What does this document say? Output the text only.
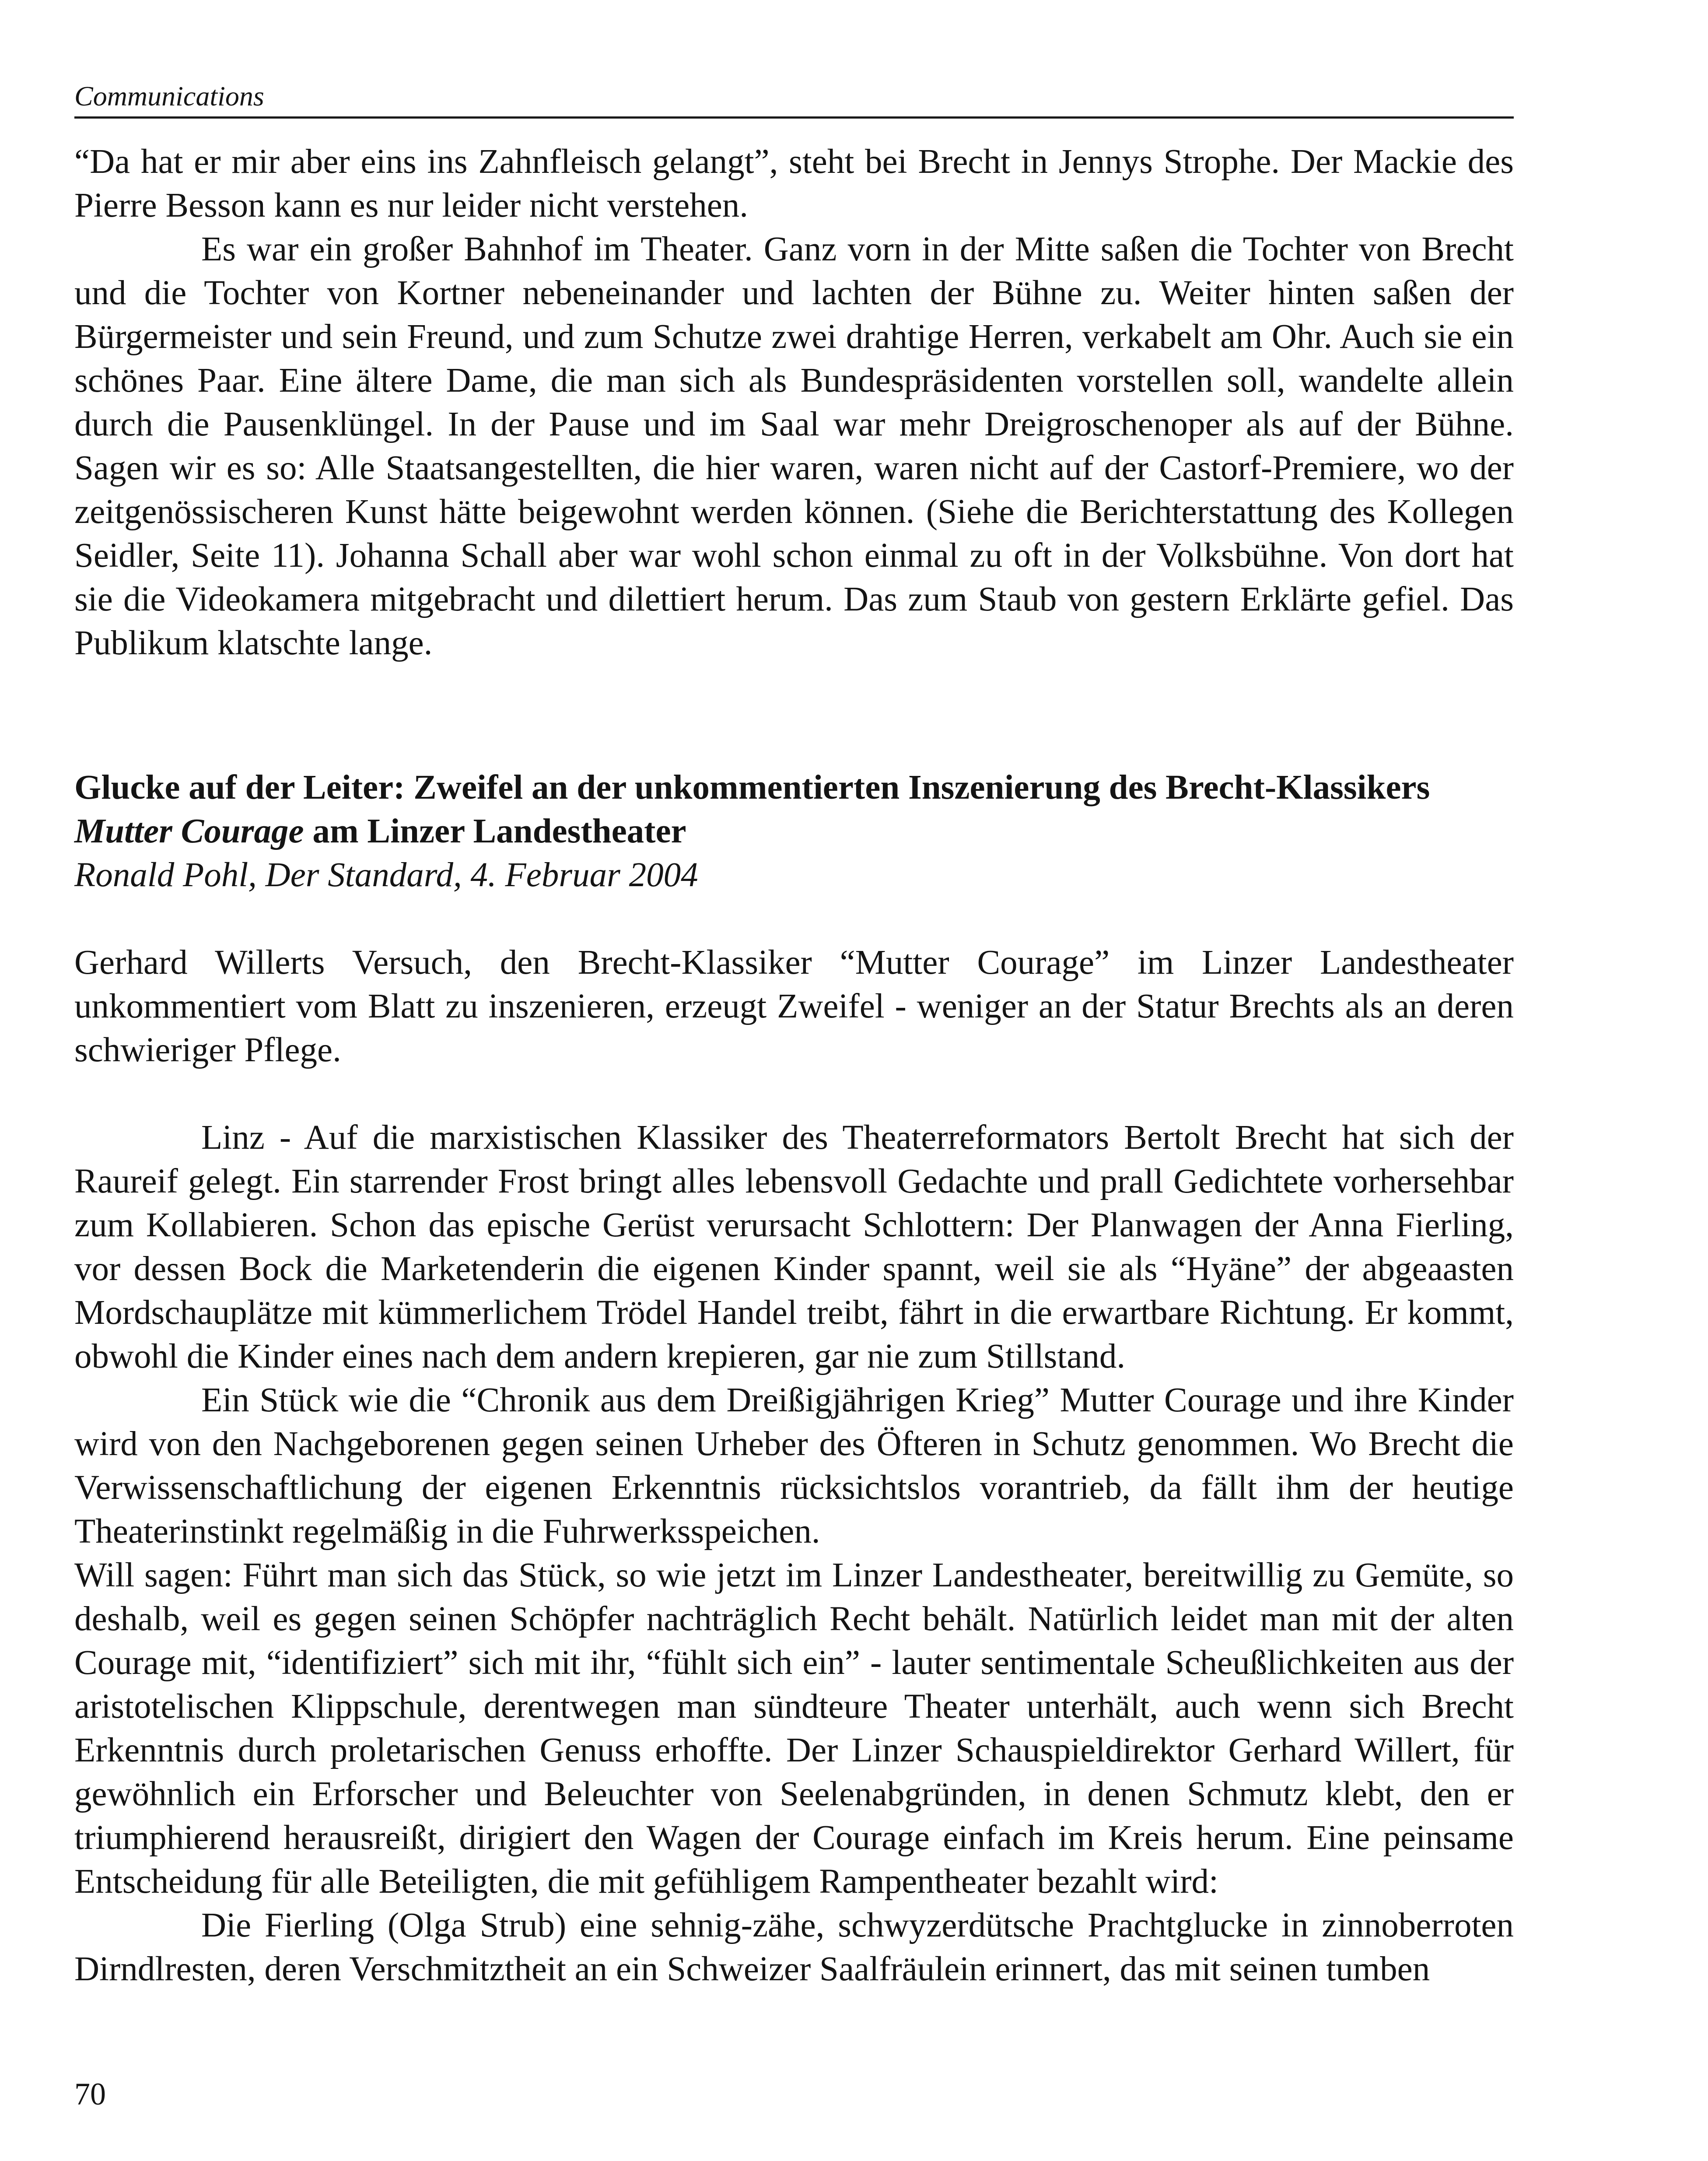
Communications

“Da hat er mir aber eins ins Zahnfleisch gelangt”, steht bei Brecht in Jennys Strophe. Der Mackie des Pierre Besson kann es nur leider nicht verstehen.

Es war ein großer Bahnhof im Theater. Ganz vorn in der Mitte saßen die Tochter von Brecht und die Tochter von Kortner nebeneinander und lachten der Bühne zu. Weiter hinten saßen der Bürgermeister und sein Freund, und zum Schutze zwei drahtige Herren, verkabelt am Ohr. Auch sie ein schönes Paar. Eine ältere Dame, die man sich als Bundespräsidenten vorstellen soll, wandelte allein durch die Pausenklüngel. In der Pause und im Saal war mehr Dreigroschenoper als auf der Bühne. Sagen wir es so: Alle Staatsangestellten, die hier waren, waren nicht auf der Castorf-Premiere, wo der zeitgenössischeren Kunst hätte beigewohnt werden können. (Siehe die Berichterstattung des Kollegen Seidler, Seite 11). Johanna Schall aber war wohl schon einmal zu oft in der Volksbühne. Von dort hat sie die Videokamera mitgebracht und dilettiert herum. Das zum Staub von gestern Erklärte gefiel. Das Publikum klatschte lange.

Glucke auf der Leiter: Zweifel an der unkommentierten Inszenierung des Brecht-Klassikers Mutter Courage am Linzer Landestheater

Ronald Pohl, Der Standard, 4. Februar 2004

Gerhard Willerts Versuch, den Brecht-Klassiker “Mutter Courage” im Linzer Landestheater unkommentiert vom Blatt zu inszenieren, erzeugt Zweifel - weniger an der Statur Brechts als an deren schwieriger Pflege.

Linz - Auf die marxistischen Klassiker des Theaterreformators Bertolt Brecht hat sich der Raureif gelegt. Ein starrender Frost bringt alles lebensvoll Gedachte und prall Gedichtete vorhersehbar zum Kollabieren. Schon das epische Gerüst verursacht Schlottern: Der Planwagen der Anna Fierling, vor dessen Bock die Marketenderin die eigenen Kinder spannt, weil sie als “Hyäne” der abgeaasten Mordschauplätze mit kümmerlichem Trödel Handel treibt, fährt in die erwartbare Richtung. Er kommt, obwohl die Kinder eines nach dem andern krepieren, gar nie zum Stillstand.

Ein Stück wie die “Chronik aus dem Dreißigjährigen Krieg” Mutter Courage und ihre Kinder wird von den Nachgeborenen gegen seinen Urheber des Öfteren in Schutz genommen. Wo Brecht die Verwissenschaftlichung der eigenen Erkenntnis rücksichtslos vorantrieb, da fällt ihm der heutige Theaterinstinkt regelmäßig in die Fuhrwerksspeichen.

Will sagen: Führt man sich das Stück, so wie jetzt im Linzer Landestheater, bereitwillig zu Gemüte, so deshalb, weil es gegen seinen Schöpfer nachträglich Recht behält. Natürlich leidet man mit der alten Courage mit, “identifiziert” sich mit ihr, “fühlt sich ein” - lauter sentimentale Scheußlichkeiten aus der aristotelischen Klippschule, derentwegen man sündteure Theater unterhält, auch wenn sich Brecht Erkenntnis durch proletarischen Genuss erhoffte. Der Linzer Schauspieldirektor Gerhard Willert, für gewöhnlich ein Erforscher und Beleuchter von Seelenabgründen, in denen Schmutz klebt, den er triumphierend herausreißt, dirigiert den Wagen der Courage einfach im Kreis herum. Eine peinsame Entscheidung für alle Beteiligten, die mit gefühligem Rampentheater bezahlt wird:

Die Fierling (Olga Strub) eine sehnig-zähe, schwyzerdütsche Prachtglucke in zinnoberroten Dirndlresten, deren Verschmitztheit an ein Schweizer Saalfräulein erinnert, das mit seinen tumben

70
